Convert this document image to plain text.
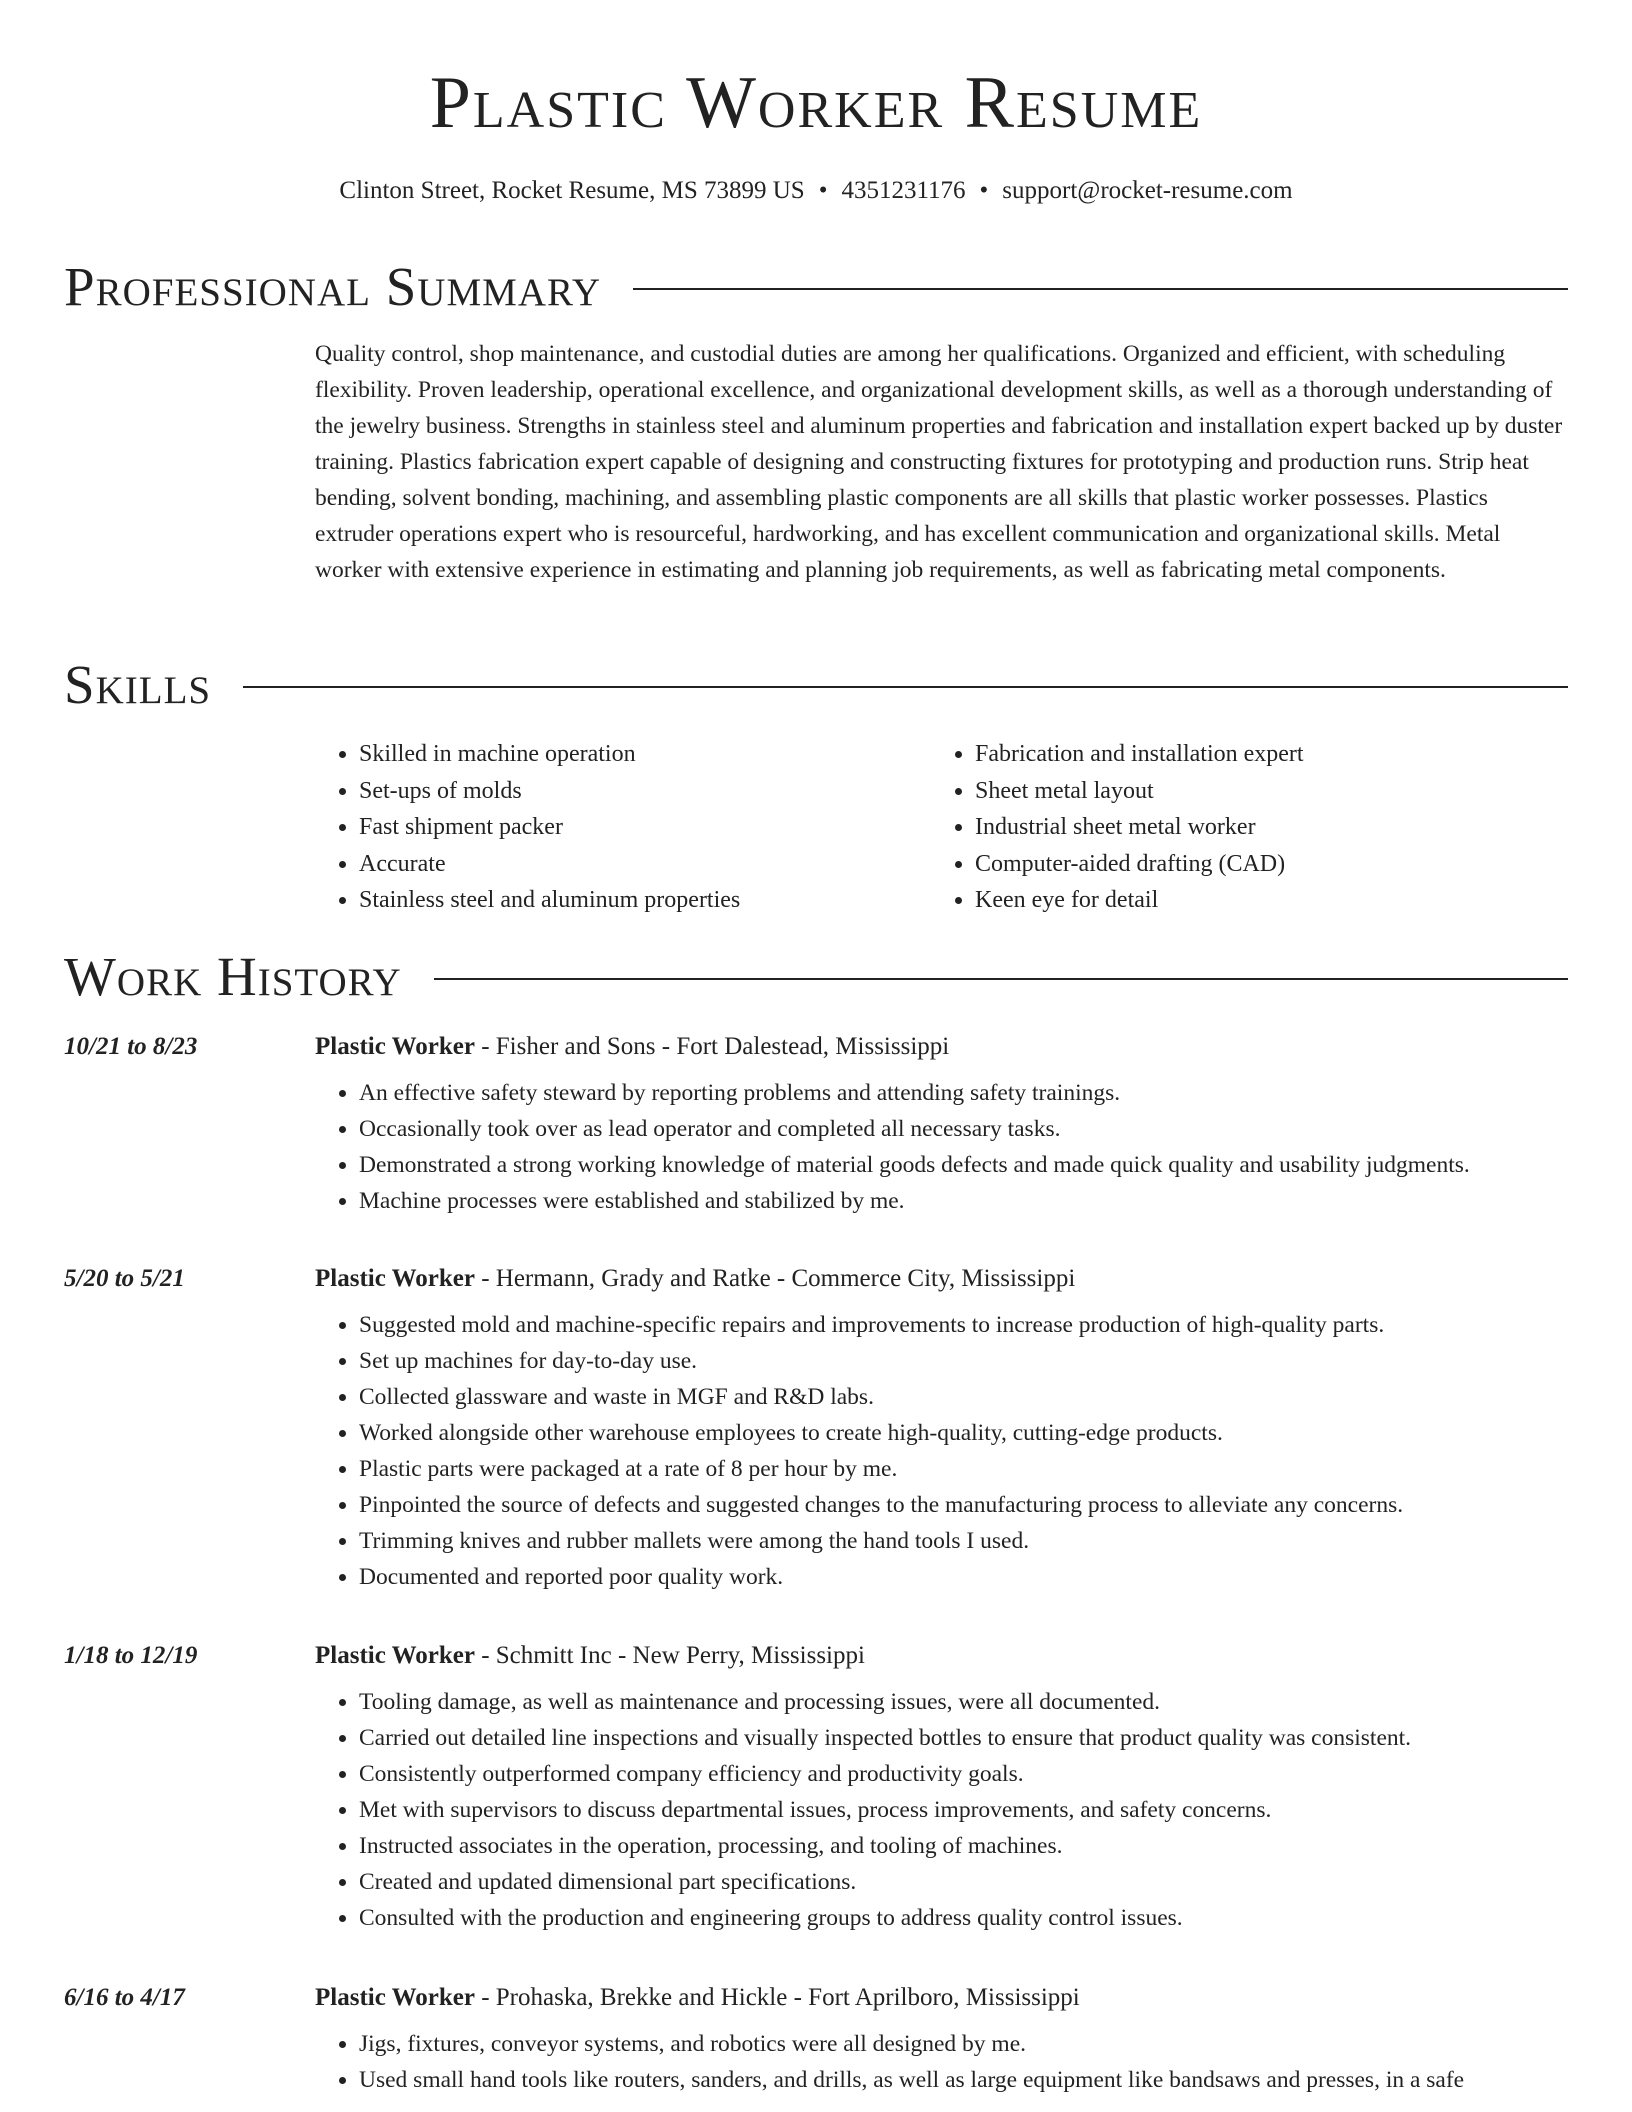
Plastic Worker Resume
Clinton Street, Rocket Resume, MS 73899 US • 4351231176 • support@rocket-resume.com
Professional Summary

Quality control, shop maintenance, and custodial duties are among her qualifications. Organized and efficient, with scheduling flexibility. Proven leadership, operational excellence, and organizational development skills, as well as a thorough understanding of the jewelry business. Strengths in stainless steel and aluminum properties and fabrication and installation expert backed up by duster training. Plastics fabrication expert capable of designing and constructing fixtures for prototyping and production runs. Strip heat bending, solvent bonding, machining, and assembling plastic components are all skills that plastic worker possesses. Plastics extruder operations expert who is resourceful, hardworking, and has excellent communication and organizational skills. Metal worker with extensive experience in estimating and planning job requirements, as well as fabricating metal components.

Skills
• Skilled in machine operation
• Set-ups of molds
• Fast shipment packer
• Accurate
• Stainless steel and aluminum properties
• Fabrication and installation expert
• Sheet metal layout
• Industrial sheet metal worker
• Computer-aided drafting (CAD)
• Keen eye for detail
Work History
10/21 to 8/23	Plastic Worker - Fisher and Sons - Fort Dalestead, Mississippi
• An effective safety steward by reporting problems and attending safety trainings.
• Occasionally took over as lead operator and completed all necessary tasks.
• Demonstrated a strong working knowledge of material goods defects and made quick quality and usability judgments.
• Machine processes were established and stabilized by me.
5/20 to 5/21	Plastic Worker - Hermann, Grady and Ratke - Commerce City, Mississippi
• Suggested mold and machine-specific repairs and improvements to increase production of high-quality parts.
• Set up machines for day-to-day use.
• Collected glassware and waste in MGF and R&D labs.
• Worked alongside other warehouse employees to create high-quality, cutting-edge products.
• Plastic parts were packaged at a rate of 8 per hour by me.
• Pinpointed the source of defects and suggested changes to the manufacturing process to alleviate any concerns.
• Trimming knives and rubber mallets were among the hand tools I used.
• Documented and reported poor quality work.
1/18 to 12/19	Plastic Worker - Schmitt Inc - New Perry, Mississippi
• Tooling damage, as well as maintenance and processing issues, were all documented.
• Carried out detailed line inspections and visually inspected bottles to ensure that product quality was consistent.
• Consistently outperformed company efficiency and productivity goals.
• Met with supervisors to discuss departmental issues, process improvements, and safety concerns.
• Instructed associates in the operation, processing, and tooling of machines.
• Created and updated dimensional part specifications.
• Consulted with the production and engineering groups to address quality control issues.
6/16 to 4/17	Plastic Worker - Prohaska, Brekke and Hickle - Fort Aprilboro, Mississippi
• Jigs, fixtures, conveyor systems, and robotics were all designed by me.
• Used small hand tools like routers, sanders, and drills, as well as large equipment like bandsaws and presses, in a safe
